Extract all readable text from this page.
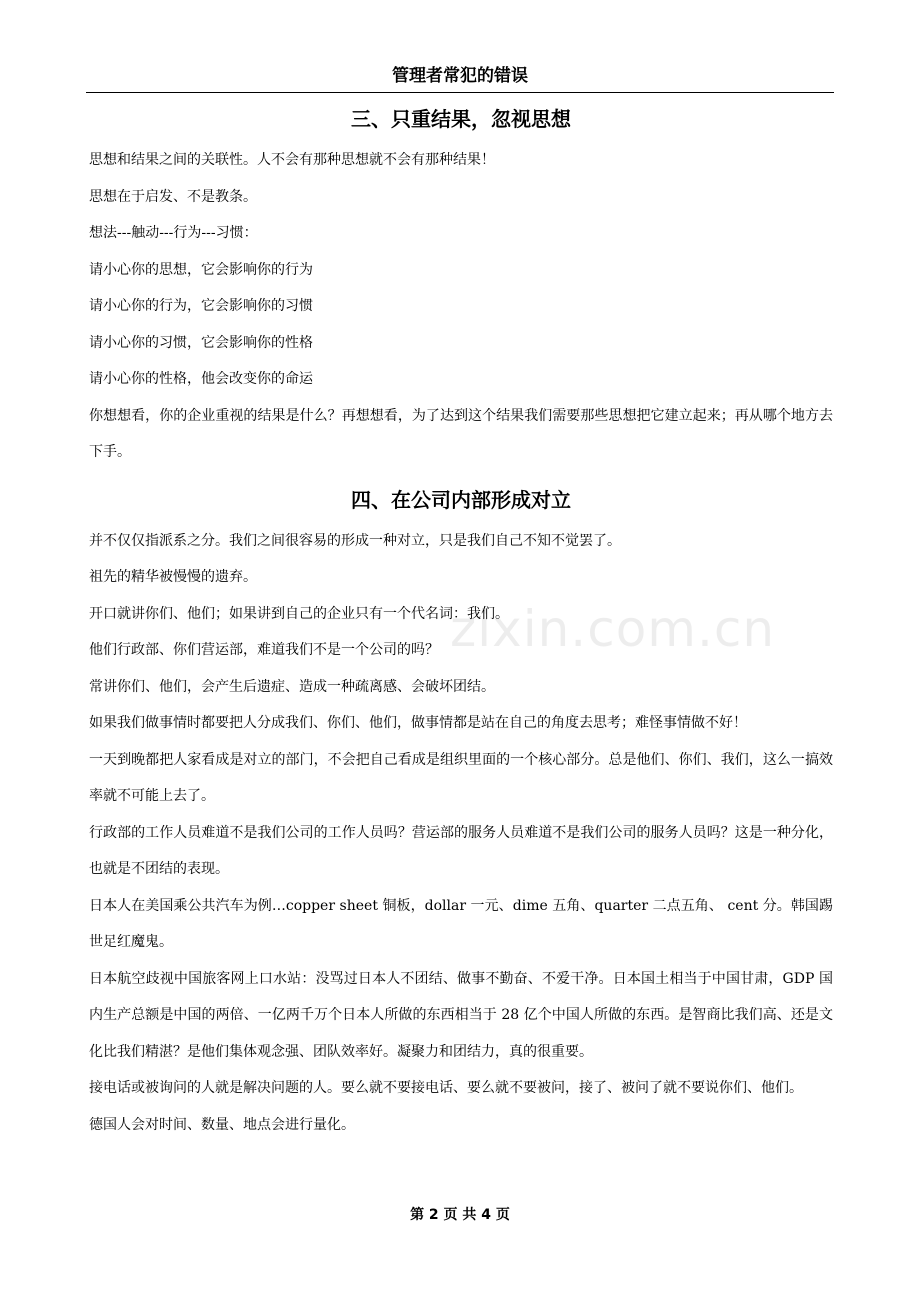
管理者常犯的错误
zixin.com.cn
三、只重结果，忽视思想

思想和结果之间的关联性。人不会有那种思想就不会有那种结果！

思想在于启发、不是教条。

想法---触动---行为---习惯：

请小心你的思想，它会影响你的行为

请小心你的行为，它会影响你的习惯

请小心你的习惯，它会影响你的性格

请小心你的性格，他会改变你的命运

你想想看，你的企业重视的结果是什么？再想想看，为了达到这个结果我们需要那些思想把它建立起来；再从哪个地方去下手。

四、在公司内部形成对立

并不仅仅指派系之分。我们之间很容易的形成一种对立，只是我们自己不知不觉罢了。

祖先的精华被慢慢的遗弃。

开口就讲你们、他们；如果讲到自己的企业只有一个代名词：我们。

他们行政部、你们营运部，难道我们不是一个公司的吗？

常讲你们、他们，会产生后遗症、造成一种疏离感、会破坏团结。

如果我们做事情时都要把人分成我们、你们、他们，做事情都是站在自己的角度去思考；难怪事情做不好！

一天到晚都把人家看成是对立的部门，不会把自己看成是组织里面的一个核心部分。总是他们、你们、我们，这么一搞效率就不可能上去了。

行政部的工作人员难道不是我们公司的工作人员吗？营运部的服务人员难道不是我们公司的服务人员吗？这是一种分化，也就是不团结的表现。

日本人在美国乘公共汽车为例…copper sheet 铜板，dollar 一元、dime 五角、quarter 二点五角、 cent 分。韩国踢世足红魔鬼。

日本航空歧视中国旅客网上口水站：没骂过日本人不团结、做事不勤奋、不爱干净。日本国土相当于中国甘肃，GDP 国内生产总额是中国的两倍、一亿两千万个日本人所做的东西相当于 28 亿个中国人所做的东西。是智商比我们高、还是文化比我们精湛？是他们集体观念强、团队效率好。凝聚力和团结力，真的很重要。

接电话或被询问的人就是解决问题的人。要么就不要接电话、要么就不要被问，接了、被问了就不要说你们、他们。

德国人会对时间、数量、地点会进行量化。

第 2 页 共 4 页
